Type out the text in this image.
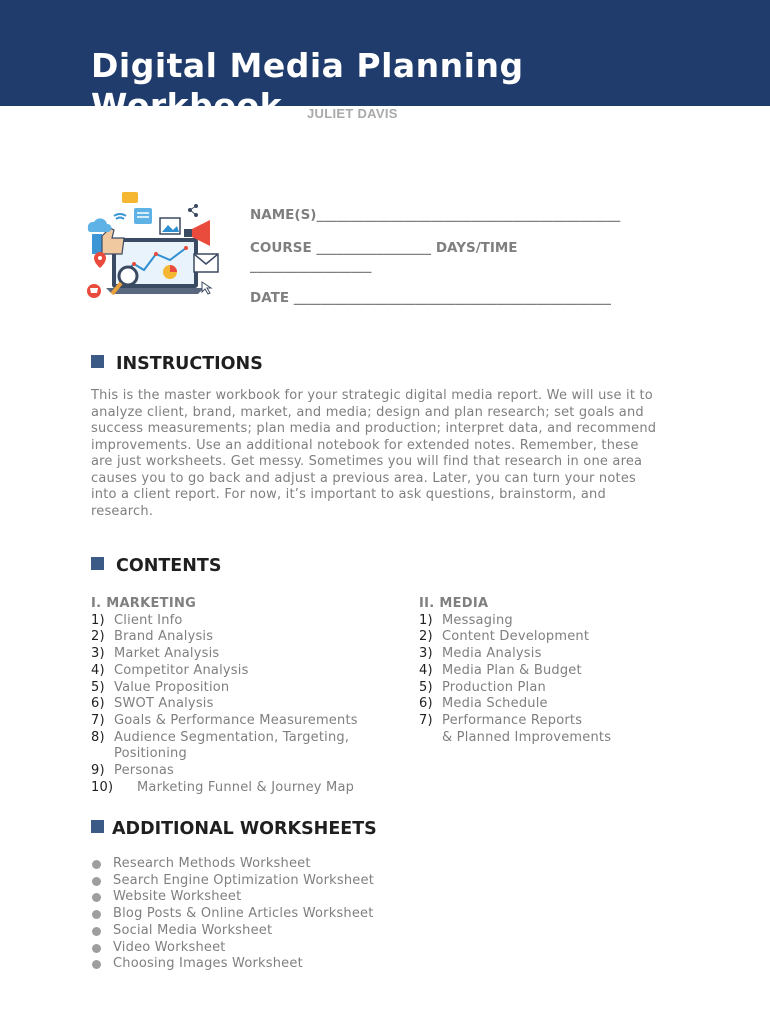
Digital Media Planning
Workbook	JULIET DAVIS
NAME(S)_____________________________________________
COURSE _________________ DAYS/TIME
__________________
DATE _______________________________________________
INSTRUCTIONS
This is the master workbook for your strategic digital media report. We will use it to
analyze client, brand, market, and media; design and plan research; set goals and
success measurements; plan media and production; interpret data, and recommend
improvements. Use an additional notebook for extended notes. Remember, these
are just worksheets. Get messy. Sometimes you will find that research in one area
causes you to go back and adjust a previous area. Later, you can turn your notes
into a client report. For now, it’s important to ask questions, brainstorm, and
research.
CONTENTS
I. MARKETING
1) Client Info
2) Brand Analysis
3) Market Analysis
4) Competitor Analysis
5) Value Proposition
6) SWOT Analysis
7) Goals & Performance Measurements
8) Audience Segmentation, Targeting,
Positioning
9) Personas
10) Marketing Funnel & Journey Map
II. MEDIA
1) Messaging
2) Content Development
3) Media Analysis
4) Media Plan & Budget
5) Production Plan
6) Media Schedule
7) Performance Reports
& Planned Improvements
ADDITIONAL WORKSHEETS
Research Methods Worksheet
Search Engine Optimization Worksheet
Website Worksheet
Blog Posts & Online Articles Worksheet
Social Media Worksheet
Video Worksheet
Choosing Images Worksheet
